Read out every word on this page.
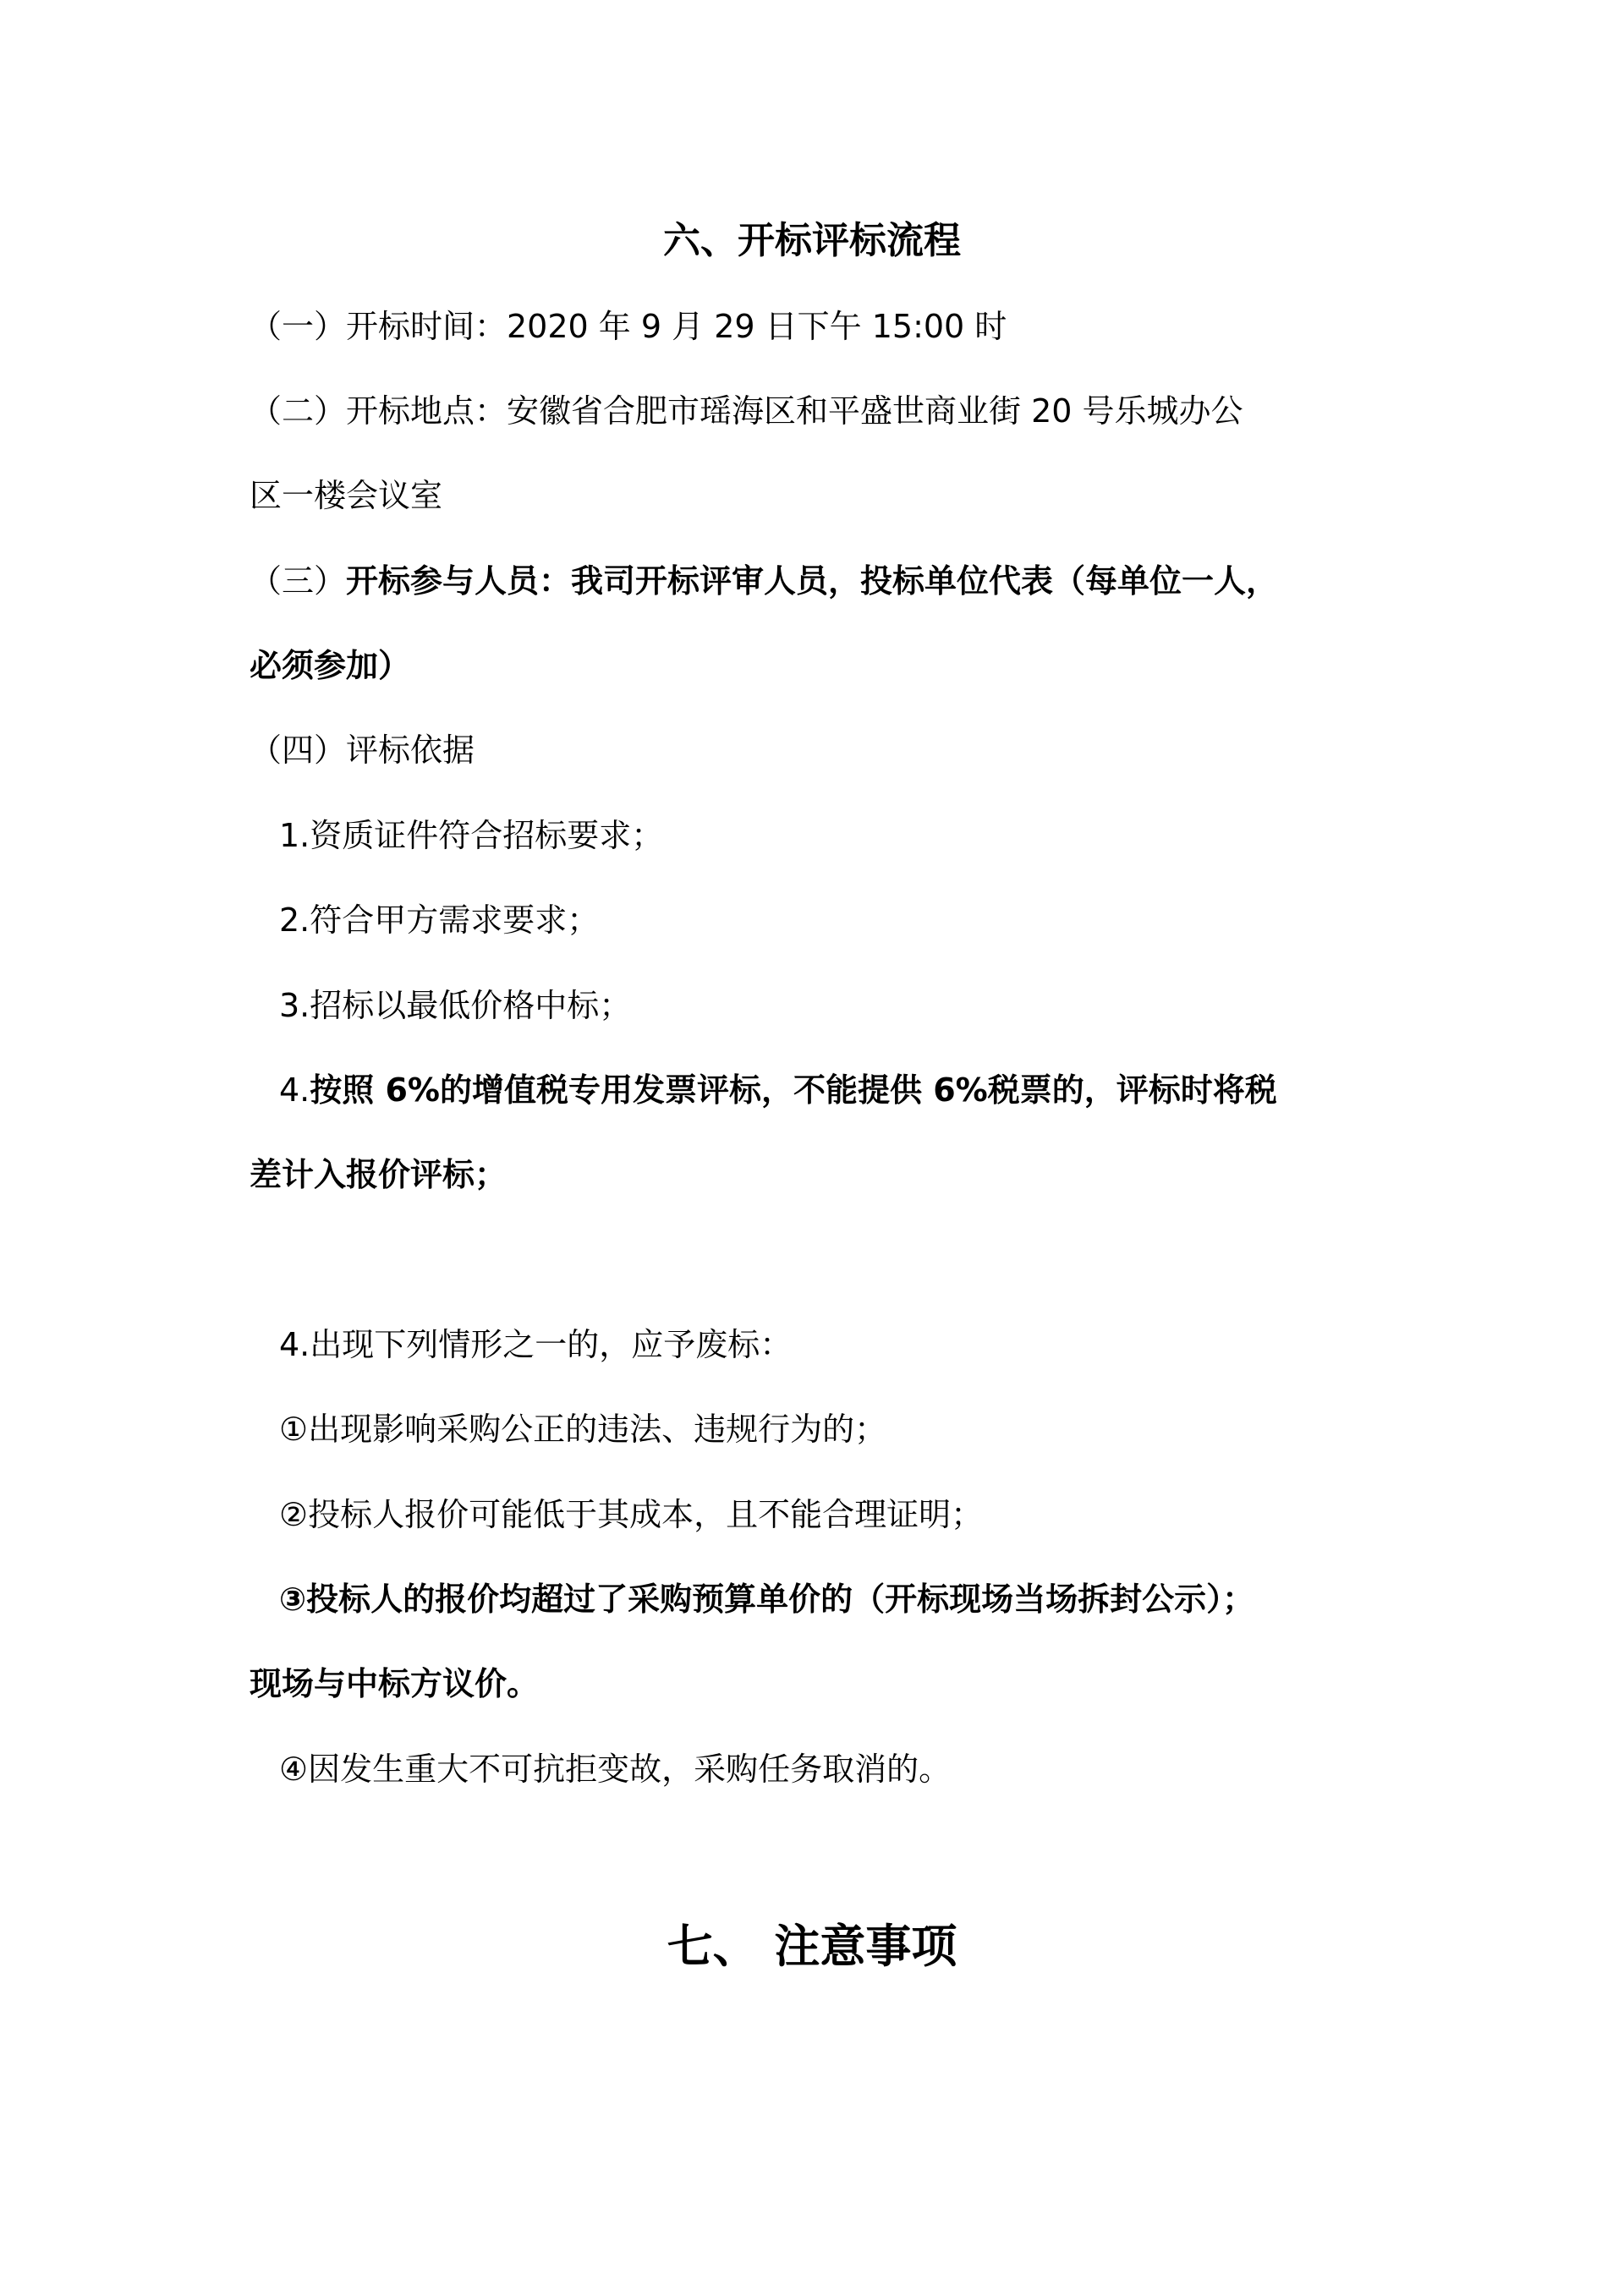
六、开标评标流程
（一）开标时间：2020 年 9 月 29 日下午 15:00 时
（二）开标地点：安徽省合肥市瑶海区和平盛世商业街 20 号乐城办公
区一楼会议室
（三）开标参与人员：我司开标评审人员，投标单位代表（每单位一人，
必须参加）
（四）评标依据
1.资质证件符合招标要求；
2.符合甲方需求要求；
3.招标以最低价格中标；
4.按照 6%的增值税专用发票评标，不能提供 6%税票的，评标时将税
差计入报价评标；
4.出现下列情形之一的，应予废标：
①出现影响采购公正的违法、违规行为的；
②投标人报价可能低于其成本，且不能合理证明；
③投标人的报价均超过了采购预算单价的（开标现场当场拆封公示）；
现场与中标方议价。
④因发生重大不可抗拒变故，采购任务取消的。
七、 注意事项
